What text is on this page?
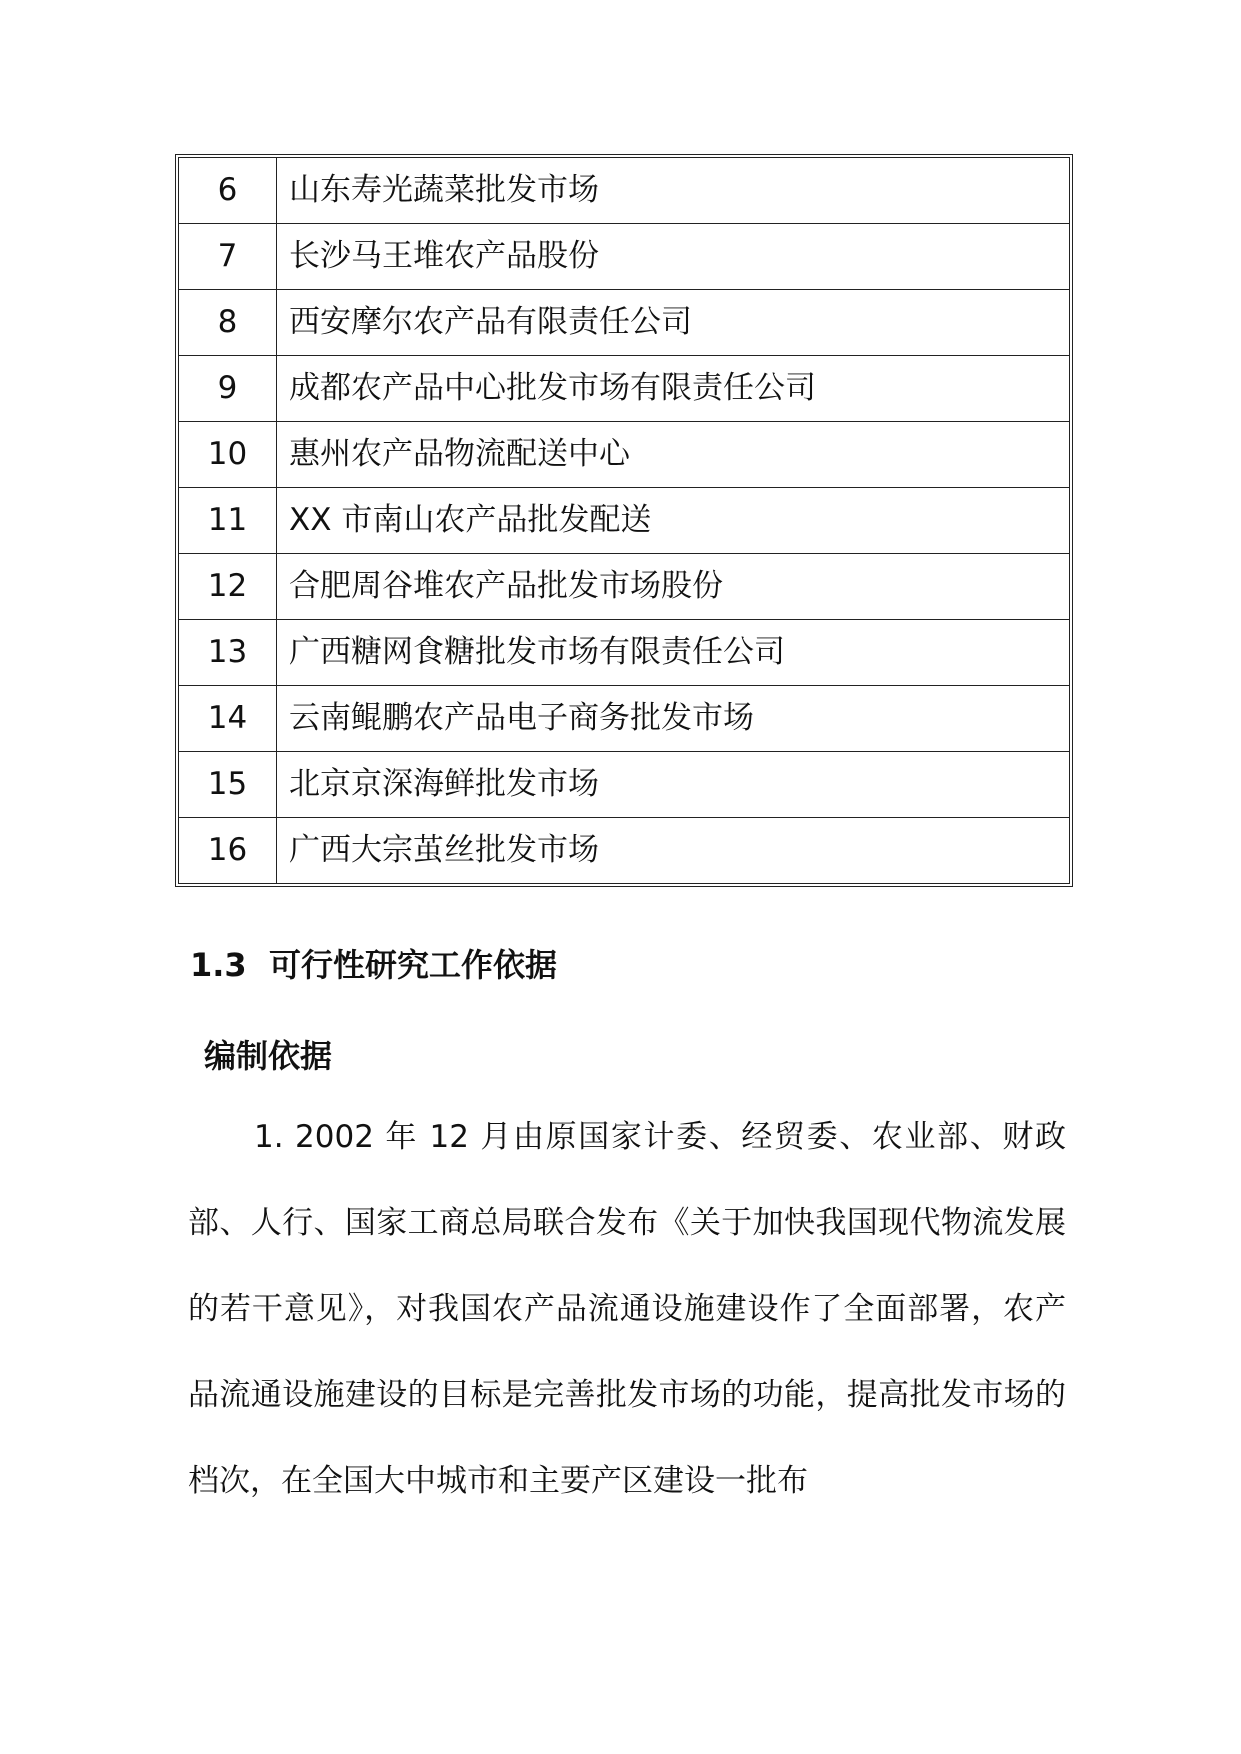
6	山东寿光蔬菜批发市场
7	长沙马王堆农产品股份
8	西安摩尔农产品有限责任公司
9	成都农产品中心批发市场有限责任公司
10	惠州农产品物流配送中心
11	XX 市南山农产品批发配送
12	合肥周谷堆农产品批发市场股份
13	广西糖网食糖批发市场有限责任公司
14	云南鲲鹏农产品电子商务批发市场
15	北京京深海鲜批发市场
16	广西大宗茧丝批发市场
1.3  可行性研究工作依据
编制依据

1. 2002 年 12 月由原国家计委、经贸委、农业部、财政部、人行、国家工商总局联合发布《关于加快我国现代物流发展的若干意见》，对我国农产品流通设施建设作了全面部署，农产品流通设施建设的目标是完善批发市场的功能，提高批发市场的档次，在全国大中城市和主要产区建设一批布
